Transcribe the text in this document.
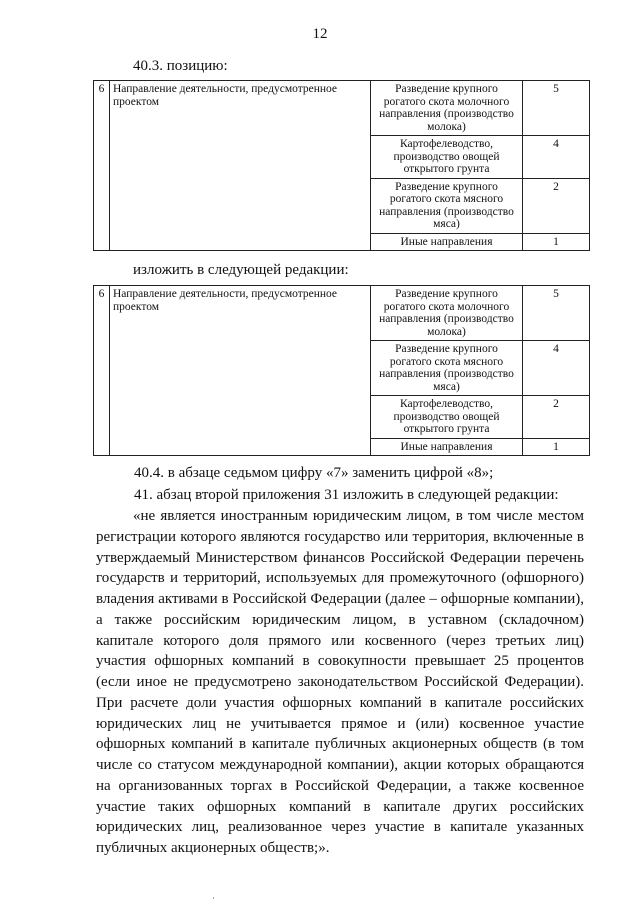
12
40.3. позицию:
6	Направление деятельности, предусмотренное проектом	Разведение крупного рогатого скота молочного направления (производство молока)	5
		Картофелеводство, производство овощей открытого грунта	4
		Разведение крупного рогатого скота мясного направления (производство мяса)	2
		Иные направления	1
изложить в следующей редакции:
6	Направление деятельности, предусмотренное проектом	Разведение крупного рогатого скота молочного направления (производство молока)	5
		Разведение крупного рогатого скота мясного направления (производство мяса)	4
		Картофелеводство, производство овощей открытого грунта	2
		Иные направления	1
40.4. в абзаце седьмом цифру «7» заменить цифрой «8»;
41. абзац второй приложения 31 изложить в следующей редакции:
«не является иностранным юридическим лицом, в том числе местом регистрации которого являются государство или территория, включенные в утверждаемый Министерством финансов Российской Федерации перечень государств и территорий, используемых для промежуточного (офшорного) владения активами в Российской Федерации (далее – офшорные компании), а также российским юридическим лицом, в уставном (складочном) капитале которого доля прямого или косвенного (через третьих лиц) участия офшорных компаний в совокупности превышает 25 процентов (если иное не предусмотрено законодательством Российской Федерации). При расчете доли участия офшорных компаний в капитале российских юридических лиц не учитывается прямое и (или) косвенное участие офшорных компаний в капитале публичных акционерных обществ (в том числе со статусом международной компании), акции которых обращаются на организованных торгах в Российской Федерации, а также косвенное участие таких офшорных компаний в капитале других российских юридических лиц, реализованное через участие в капитале указанных публичных акционерных обществ;».
·
